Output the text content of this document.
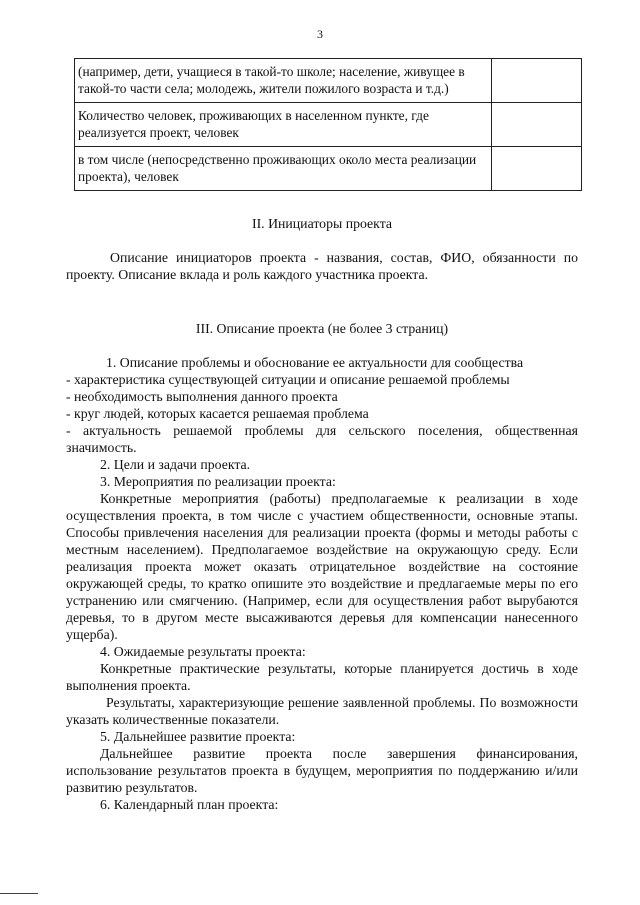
3
(например, дети, учащиеся в такой-то школе; население, живущее в такой-то части села; молодежь, жители пожилого возраста и т.д.)	
Количество человек, проживающих в населенном пункте, где реализуется проект, человек	
в том числе (непосредственно проживающих около места реализации проекта), человек	
II. Инициаторы проекта

Описание инициаторов проекта - названия, состав, ФИО, обязанности по проекту. Описание вклада и роль каждого участника проекта.

III. Описание проекта (не более 3 страниц)

1. Описание проблемы и обоснование ее актуальности для сообщества

- характеристика существующей ситуации и описание решаемой проблемы

- необходимость выполнения данного проекта

- круг людей, которых касается решаемая проблема

- актуальность решаемой проблемы для сельского поселения, общественная значимость.

2. Цели и задачи проекта.

3. Мероприятия по реализации проекта:

Конкретные мероприятия (работы) предполагаемые к реализации в ходе осуществления проекта, в том числе с участием общественности, основные этапы. Способы привлечения населения для реализации проекта (формы и методы работы с местным населением). Предполагаемое воздействие на окружающую среду. Если реализация проекта может оказать отрицательное воздействие на состояние окружающей среды, то кратко опишите это воздействие и предлагаемые меры по его устранению или смягчению. (Например, если для осуществления работ вырубаются деревья, то в другом месте высаживаются деревья для компенсации нанесенного ущерба).

4. Ожидаемые результаты проекта:

Конкретные практические результаты, которые планируется достичь в ходе выполнения проекта.

Результаты, характеризующие решение заявленной проблемы. По возможности указать количественные показатели.

5. Дальнейшее развитие проекта:

Дальнейшее развитие проекта после завершения финансирования, использование результатов проекта в будущем, мероприятия по поддержанию и/или развитию результатов.

6. Календарный план проекта:
